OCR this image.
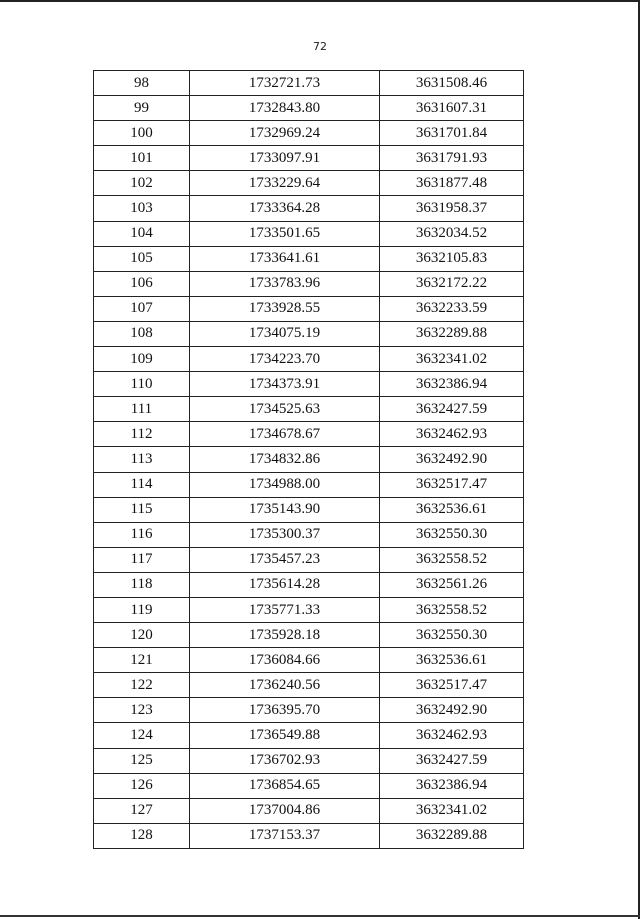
72
98	1732721.73	3631508.46
99	1732843.80	3631607.31
100	1732969.24	3631701.84
101	1733097.91	3631791.93
102	1733229.64	3631877.48
103	1733364.28	3631958.37
104	1733501.65	3632034.52
105	1733641.61	3632105.83
106	1733783.96	3632172.22
107	1733928.55	3632233.59
108	1734075.19	3632289.88
109	1734223.70	3632341.02
110	1734373.91	3632386.94
111	1734525.63	3632427.59
112	1734678.67	3632462.93
113	1734832.86	3632492.90
114	1734988.00	3632517.47
115	1735143.90	3632536.61
116	1735300.37	3632550.30
117	1735457.23	3632558.52
118	1735614.28	3632561.26
119	1735771.33	3632558.52
120	1735928.18	3632550.30
121	1736084.66	3632536.61
122	1736240.56	3632517.47
123	1736395.70	3632492.90
124	1736549.88	3632462.93
125	1736702.93	3632427.59
126	1736854.65	3632386.94
127	1737004.86	3632341.02
128	1737153.37	3632289.88
